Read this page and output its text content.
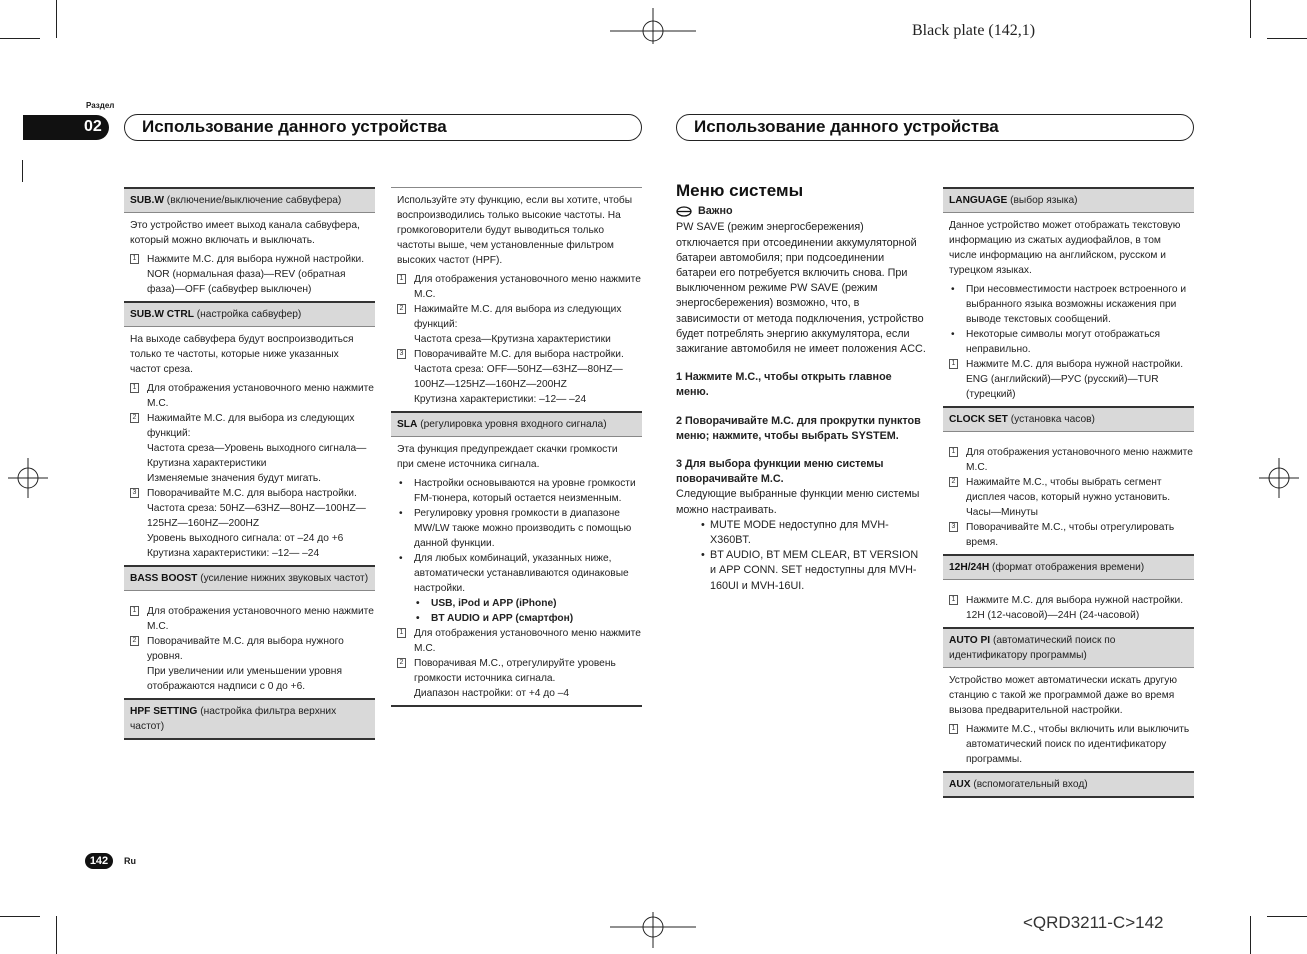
Black plate (142,1)
<QRD3211-C>142
Раздел
02 Использование данного устройства	Использование данного устройства
SUB.W (включение/выключение сабвуфера)
Это устройство имеет выход канала сабвуфера, который можно включать и выключать.
1 Нажмите M.C. для выбора нужной настройки.
NOR (нормальная фаза)—REV (обратная фаза)—OFF (сабвуфер выключен)
SUB.W CTRL (настройка сабвуфер)
На выходе сабвуфера будут воспроизводиться только те частоты, которые ниже указанных частот среза.
1 Для отображения установочного меню нажмите M.C.
2 Нажимайте M.C. для выбора из следующих функций:
Частота среза—Уровень выходного сигнала—Крутизна характеристики
Изменяемые значения будут мигать.
3 Поворачивайте M.C. для выбора настройки.
Частота среза: 50HZ—63HZ—80HZ—100HZ—125HZ—160HZ—200HZ
Уровень выходного сигнала: от –24 до +6
Крутизна характеристики: –12— –24
BASS BOOST (усиление нижних звуковых частот)
1 Для отображения установочного меню нажмите M.C.
2 Поворачивайте M.C. для выбора нужного уровня.
При увеличении или уменьшении уровня отображаются надписи с 0 до +6.
HPF SETTING (настройка фильтра верхних частот)
Используйте эту функцию, если вы хотите, чтобы воспроизводились только высокие частоты. На громкоговорители будут выводиться только частоты выше, чем установленные фильтром высоких частот (HPF).
1 Для отображения установочного меню нажмите M.C.
2 Нажимайте M.C. для выбора из следующих функций:
Частота среза—Крутизна характеристики
3 Поворачивайте M.C. для выбора настройки.
Частота среза: OFF—50HZ—63HZ—80HZ—100HZ—125HZ—160HZ—200HZ
Крутизна характеристики: –12— –24
SLA (регулировка уровня входного сигнала)
Эта функция предупреждает скачки громкости при смене источника сигнала.
• Настройки основываются на уровне громкости FM-тюнера, который остается неизменным.
• Регулировку уровня громкости в диапазоне MW/LW также можно производить с помощью данной функции.
• Для любых комбинаций, указанных ниже, автоматически устанавливаются одинаковые настройки.
• USB, iPod и APP (iPhone)
• BT AUDIO и APP (смартфон)
1 Для отображения установочного меню нажмите M.C.
2 Поворачивая M.C., отрегулируйте уровень громкости источника сигнала.
Диапазон настройки: от +4 до –4
Меню системы
Важно
PW SAVE (режим энергосбережения) отключается при отсоединении аккумуляторной батареи автомобиля; при подсоединении батареи его потребуется включить снова. При выключенном режиме PW SAVE (режим энергосбережения) возможно, что, в зависимости от метода подключения, устройство будет потреблять энергию аккумулятора, если зажигание автомобиля не имеет положения ACC.
1 Нажмите M.C., чтобы открыть главное меню.
2 Поворачивайте M.C. для прокрутки пунктов меню; нажмите, чтобы выбрать SYSTEM.
3 Для выбора функции меню системы поворачивайте M.C.
Следующие выбранные функции меню системы можно настраивать.
• MUTE MODE недоступно для MVH-X360BT.
• BT AUDIO, BT MEM CLEAR, BT VERSION и APP CONN. SET недоступны для MVH-160UI и MVH-16UI.
LANGUAGE (выбор языка)
Данное устройство может отображать текстовую информацию из сжатых аудиофайлов, в том числе информацию на английском, русском и турецком языках.
• При несовместимости настроек встроенного и выбранного языка возможны искажения при выводе текстовых сообщений.
• Некоторые символы могут отображаться неправильно.
1 Нажмите M.C. для выбора нужной настройки.
ENG (английский)—РУС (русский)—TUR (турецкий)
CLOCK SET (установка часов)
1 Для отображения установочного меню нажмите M.C.
2 Нажимайте M.C., чтобы выбрать сегмент дисплея часов, который нужно установить.
Часы—Минуты
3 Поворачивайте M.C., чтобы отрегулировать время.
12H/24H (формат отображения времени)
1 Нажмите M.C. для выбора нужной настройки.
12H (12-часовой)—24H (24-часовой)
AUTO PI (автоматический поиск по идентификатору программы)
Устройство может автоматически искать другую станцию с такой же программой даже во время вызова предварительной настройки.
1 Нажмите M.C., чтобы включить или выключить автоматический поиск по идентификатору программы.
AUX (вспомогательный вход)
142	Ru
